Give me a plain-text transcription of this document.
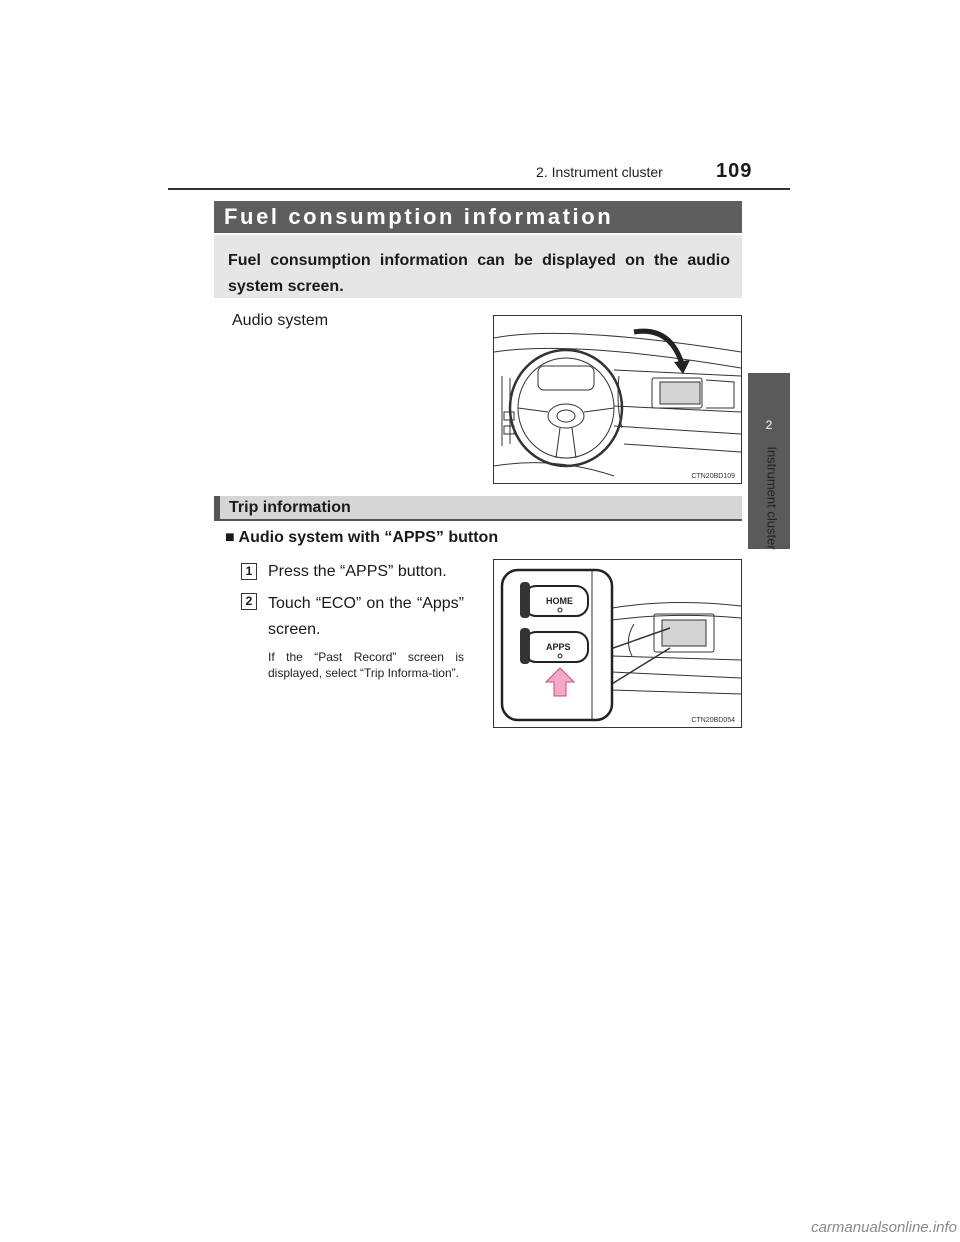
2. Instrument cluster	109
2
Instrument cluster
Fuel consumption information
Fuel consumption information can be displayed on the audio system screen.
Audio system
CTN20BD109
Trip information
■ Audio system with “APPS” button
1 Press the “APPS” button.
2 Touch “ECO” on the “Apps” screen.
If the “Past Record” screen is displayed, select “Trip Informa-tion”.
HOME
APPS
CTN20BD054
carmanualsonline.info
